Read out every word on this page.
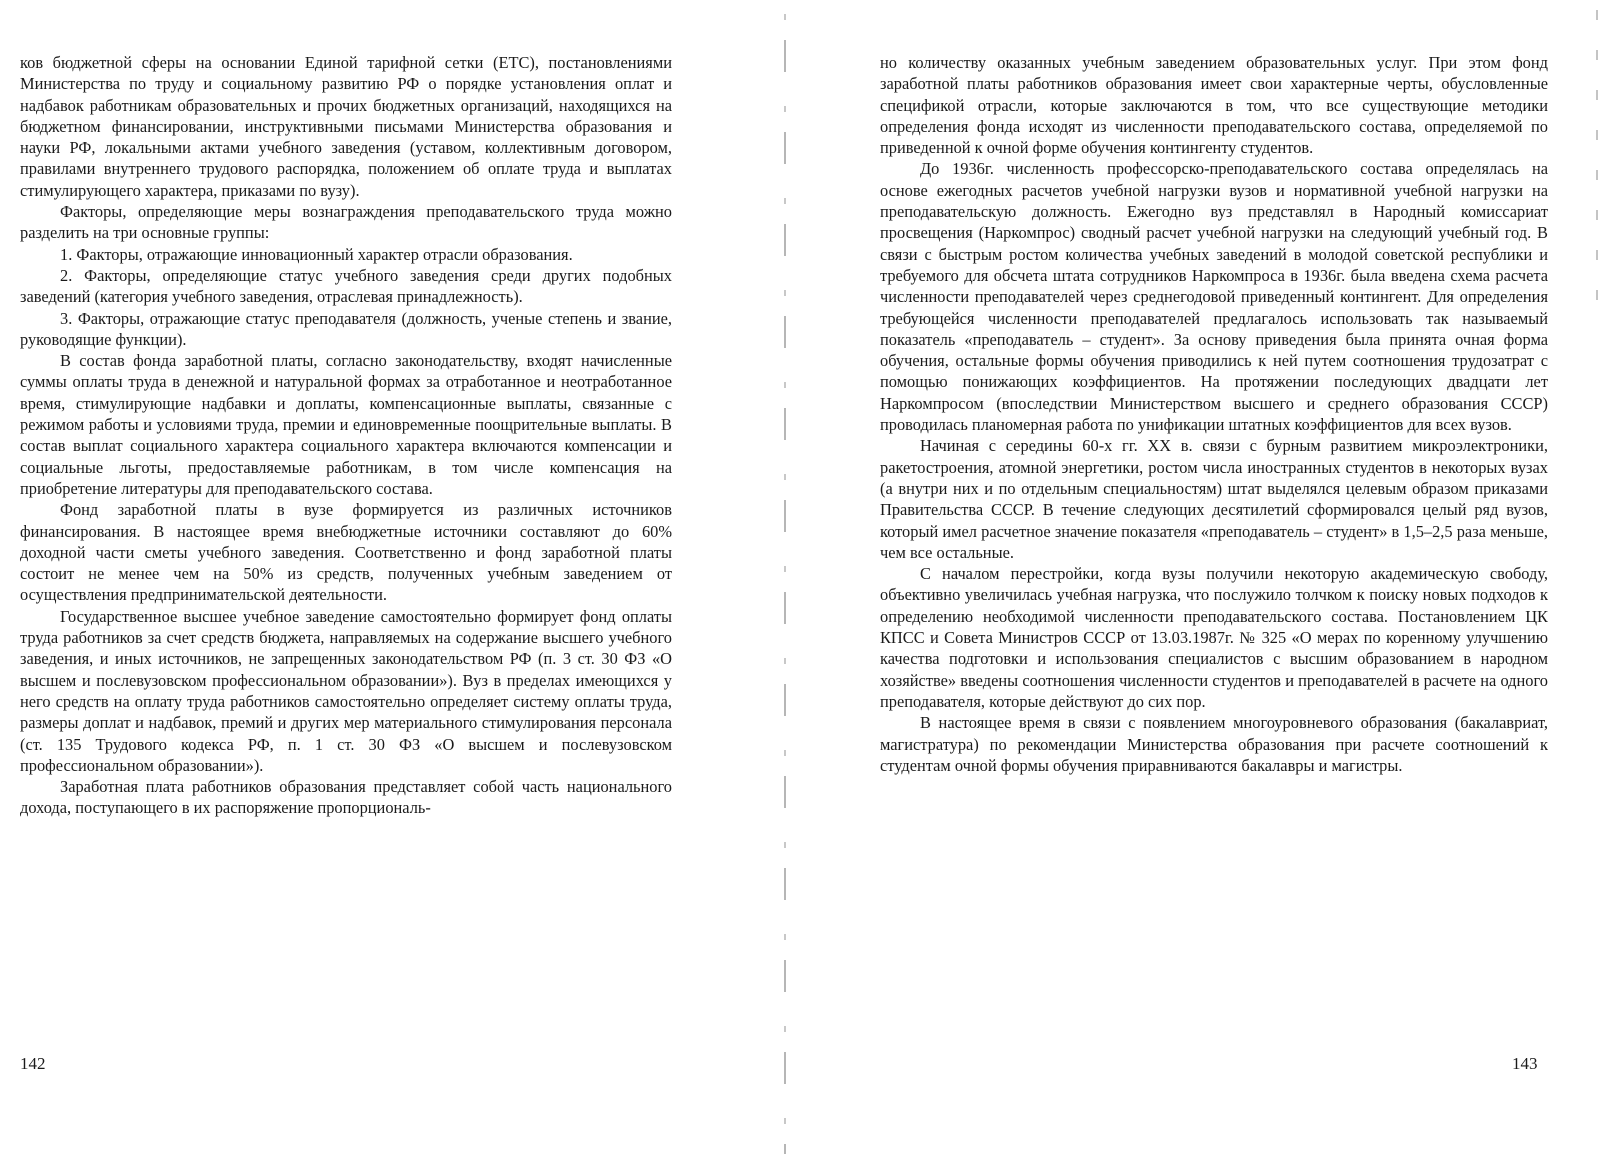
ков бюджетной сферы на основании Единой тарифной сетки (ЕТС), постановлениями Министерства по труду и социальному развитию РФ о порядке установления оплат и надбавок работникам образовательных и прочих бюджетных организаций, находящихся на бюджетном финансировании, инструктивными письмами Министерства образования и науки РФ, локальными актами учебного заведения (уставом, коллективным договором, правилами внутреннего трудового распорядка, положением об оплате труда и выплатах стимулирующего характера, приказами по вузу).

Факторы, определяющие меры вознаграждения преподавательского труда можно разделить на три основные группы:

1. Факторы, отражающие инновационный характер отрасли образования.

2. Факторы, определяющие статус учебного заведения среди других подобных заведений (категория учебного заведения, отраслевая принадлежность).

3. Факторы, отражающие статус преподавателя (должность, ученые степень и звание, руководящие функции).

В состав фонда заработной платы, согласно законодательству, входят начисленные суммы оплаты труда в денежной и натуральной формах за отработанное и неотработанное время, стимулирующие надбавки и доплаты, компенсационные выплаты, связанные с режимом работы и условиями труда, премии и единовременные поощрительные выплаты. В состав выплат социального характера социального характера включаются компенсации и социальные льготы, предоставляемые работникам, в том числе компенсация на приобретение литературы для преподавательского состава.

Фонд заработной платы в вузе формируется из различных источников финансирования. В настоящее время внебюджетные источники составляют до 60% доходной части сметы учебного заведения. Соответственно и фонд заработной платы состоит не менее чем на 50% из средств, полученных учебным заведением от осуществления предпринимательской деятельности.

Государственное высшее учебное заведение самостоятельно формирует фонд оплаты труда работников за счет средств бюджета, направляемых на содержание высшего учебного заведения, и иных источников, не запрещенных законодательством РФ (п. 3 ст. 30 ФЗ «О высшем и послевузовском профессиональном образовании»). Вуз в пределах имеющихся у него средств на оплату труда работников самостоятельно определяет систему оплаты труда, размеры доплат и надбавок, премий и других мер материального стимулирования персонала (ст. 135 Трудового кодекса РФ, п. 1 ст. 30 ФЗ «О высшем и послевузовском профессиональном образовании»).

Заработная плата работников образования представляет собой часть национального дохода, поступающего в их распоряжение пропорциональ-

142

но количеству оказанных учебным заведением образовательных услуг. При этом фонд заработной платы работников образования имеет свои характерные черты, обусловленные спецификой отрасли, которые заключаются в том, что все существующие методики определения фонда исходят из численности преподавательского состава, определяемой по приведенной к очной форме обучения контингенту студентов.

До 1936г. численность профессорско-преподавательского состава определялась на основе ежегодных расчетов учебной нагрузки вузов и нормативной учебной нагрузки на преподавательскую должность. Ежегодно вуз представлял в Народный комиссариат просвещения (Наркомпрос) сводный расчет учебной нагрузки на следующий учебный год. В связи с быстрым ростом количества учебных заведений в молодой советской республики и требуемого для обсчета штата сотрудников Наркомпроса в 1936г. была введена схема расчета численности преподавателей через среднегодовой приведенный контингент. Для определения требующейся численности преподавателей предлагалось использовать так называемый показатель «преподаватель – студент». За основу приведения была принята очная форма обучения, остальные формы обучения приводились к ней путем соотношения трудозатрат с помощью понижающих коэффициентов. На протяжении последующих двадцати лет Наркомпросом (впоследствии Министерством высшего и среднего образования СССР) проводилась планомерная работа по унификации штатных коэффициентов для всех вузов.

Начиная с середины 60-х гг. XX в. связи с бурным развитием микроэлектроники, ракетостроения, атомной энергетики, ростом числа иностранных студентов в некоторых вузах (а внутри них и по отдельным специальностям) штат выделялся целевым образом приказами Правительства СССР. В течение следующих десятилетий сформировался целый ряд вузов, который имел расчетное значение показателя «преподаватель – студент» в 1,5–2,5 раза меньше, чем все остальные.

С началом перестройки, когда вузы получили некоторую академическую свободу, объективно увеличилась учебная нагрузка, что послужило толчком к поиску новых подходов к определению необходимой численности преподавательского состава. Постановлением ЦК КПСС и Совета Министров СССР от 13.03.1987г. № 325 «О мерах по коренному улучшению качества подготовки и использования специалистов с высшим образованием в народном хозяйстве» введены соотношения численности студентов и преподавателей в расчете на одного преподавателя, которые действуют до сих пор.

В настоящее время в связи с появлением многоуровневого образования (бакалавриат, магистратура) по рекомендации Министерства образования при расчете соотношений к студентам очной формы обучения приравниваются бакалавры и магистры.

143
